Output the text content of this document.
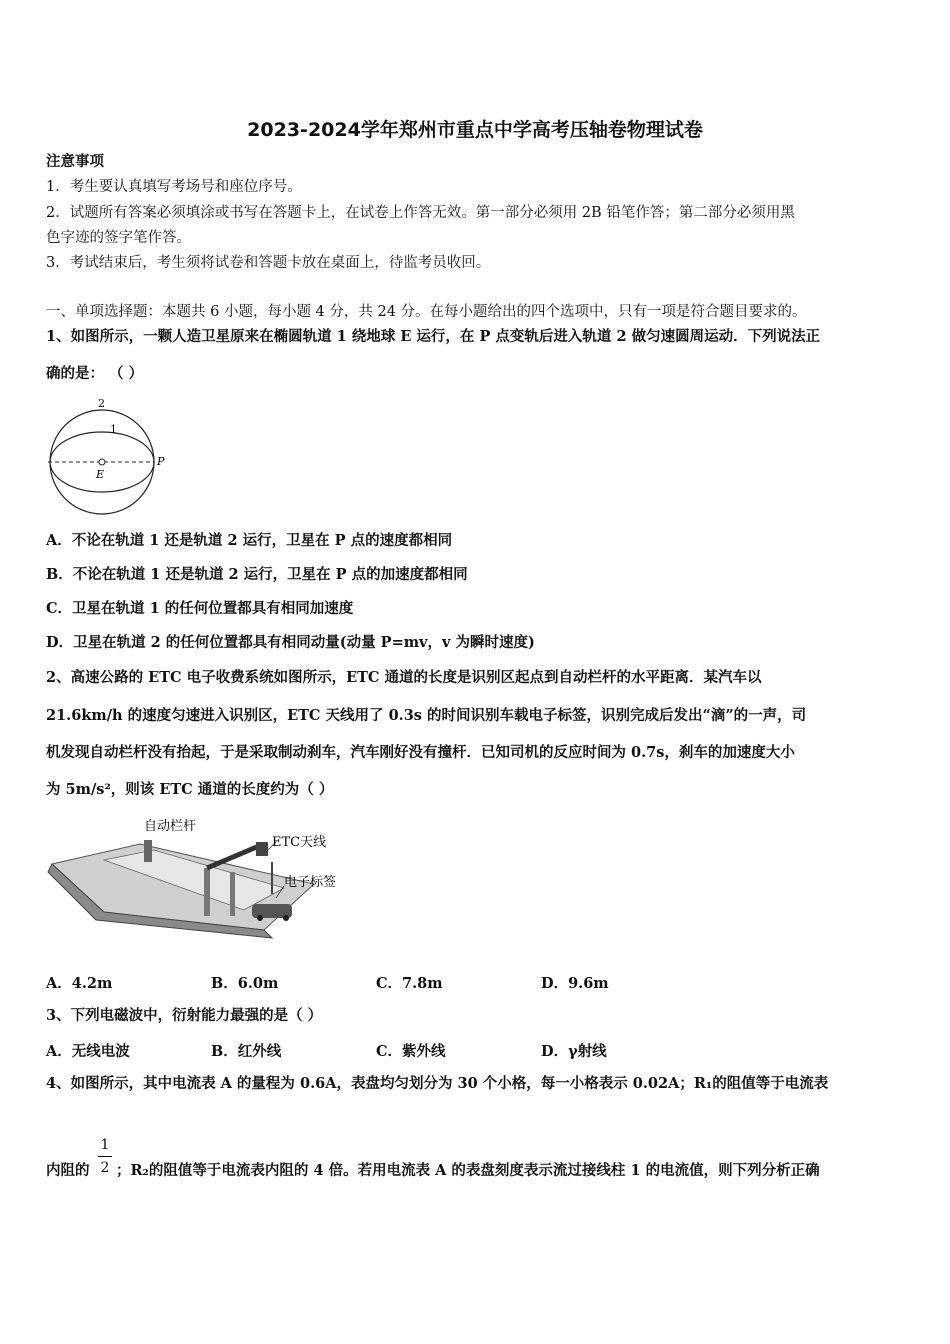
2023-2024学年郑州市重点中学高考压轴卷物理试卷
注意事项
1．考生要认真填写考场号和座位序号。
2．试题所有答案必须填涂或书写在答题卡上，在试卷上作答无效。第一部分必须用 2B 铅笔作答；第二部分必须用黑
色字迹的签字笔作答。
3．考试结束后，考生须将试卷和答题卡放在桌面上，待监考员收回。
一、单项选择题：本题共 6 小题，每小题 4 分，共 24 分。在每小题给出的四个选项中，只有一项是符合题目要求的。
1、如图所示，一颗人造卫星原来在椭圆轨道 1 绕地球 E 运行，在 P 点变轨后进入轨道 2 做匀速圆周运动．下列说法正
确的是： （ ）
2
1
E
P
A．不论在轨道 1 还是轨道 2 运行，卫星在 P 点的速度都相同
B．不论在轨道 1 还是轨道 2 运行，卫星在 P 点的加速度都相同
C．卫星在轨道 1 的任何位置都具有相同加速度
D．卫星在轨道 2 的任何位置都具有相同动量(动量 P=mv，v 为瞬时速度)
2、高速公路的 ETC 电子收费系统如图所示，ETC 通道的长度是识别区起点到自动栏杆的水平距离．某汽车以
21.6km/h 的速度匀速进入识别区，ETC 天线用了 0.3s 的时间识别车载电子标签，识别完成后发出“滴”的一声，司
机发现自动栏杆没有抬起，于是采取制动刹车，汽车刚好没有撞杆．已知司机的反应时间为 0.7s，刹车的加速度大小
为 5m/s²，则该 ETC 通道的长度约为（ ）
自动栏杆
ETC天线
电子标签
A．4.2m	B．6.0m	C．7.8m	D．9.6m
3、下列电磁波中，衍射能力最强的是（ ）
A．无线电波	B．红外线	C．紫外线	D．γ射线
4、如图所示，其中电流表 A 的量程为 0.6A，表盘均匀划分为 30 个小格，每一小格表示 0.02A；R₁的阻值等于电流表
内阻的
1
2 ；R₂的阻值等于电流表内阻的 4 倍。若用电流表 A 的表盘刻度表示流过接线柱 1 的电流值，则下列分析正确
